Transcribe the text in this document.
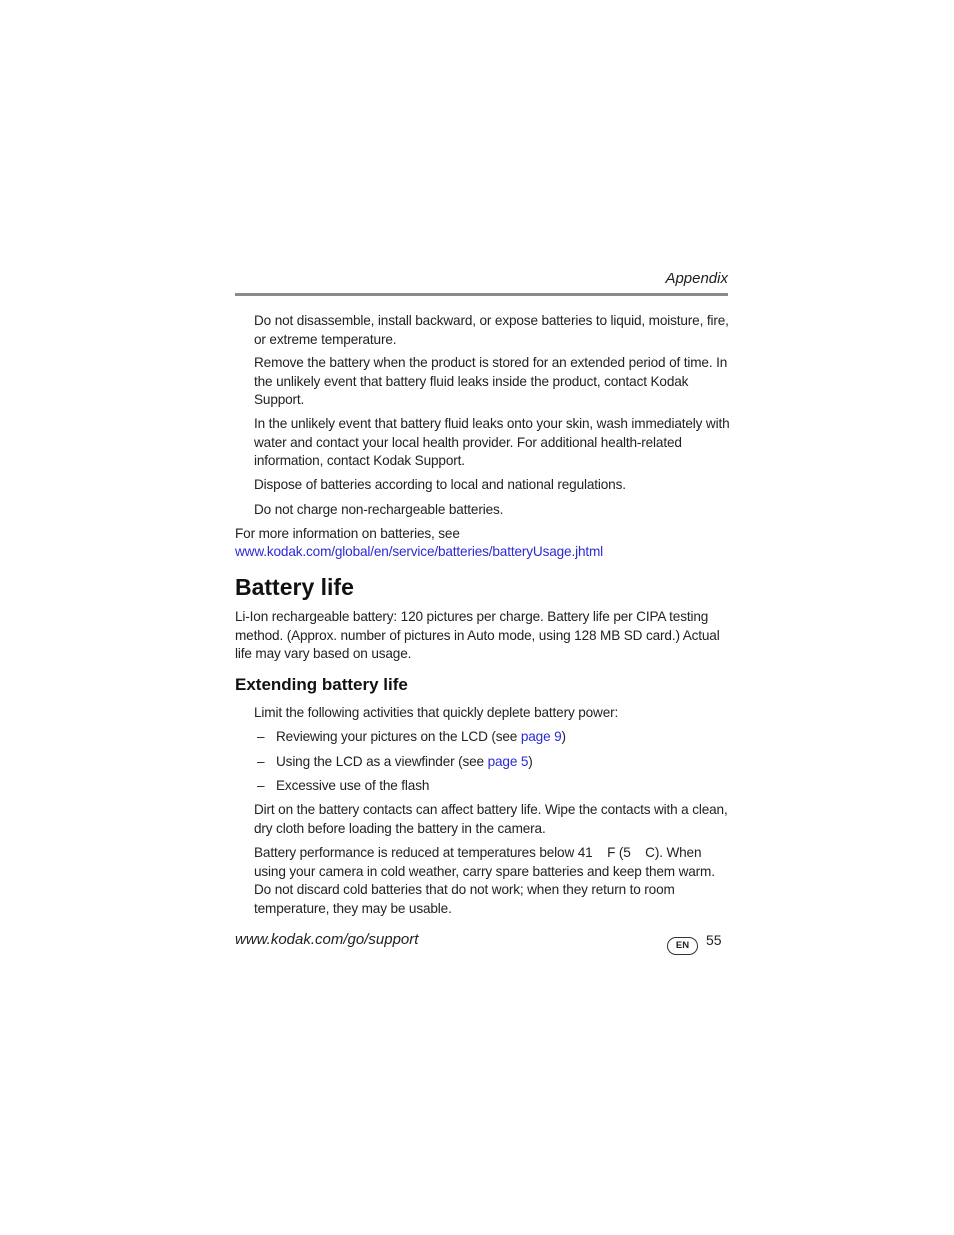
Appendix
Do not disassemble, install backward, or expose batteries to liquid, moisture, fire, or extreme temperature.
Remove the battery when the product is stored for an extended period of time. In the unlikely event that battery fluid leaks inside the product, contact Kodak Support.
In the unlikely event that battery fluid leaks onto your skin, wash immediately with water and contact your local health provider. For additional health-related information, contact Kodak Support.
Dispose of batteries according to local and national regulations.
Do not charge non-rechargeable batteries.
For more information on batteries, see
www.kodak.com/global/en/service/batteries/batteryUsage.jhtml
Battery life
Li-Ion rechargeable battery: 120 pictures per charge. Battery life per CIPA testing method. (Approx. number of pictures in Auto mode, using 128 MB SD card.) Actual life may vary based on usage.
Extending battery life
Limit the following activities that quickly deplete battery power:
– Reviewing your pictures on the LCD (see page 9)
– Using the LCD as a viewfinder (see page 5)
– Excessive use of the flash
Dirt on the battery contacts can affect battery life. Wipe the contacts with a clean, dry cloth before loading the battery in the camera.
Battery performance is reduced at temperatures below 41    F (5    C). When using your camera in cold weather, carry spare batteries and keep them warm. Do not discard cold batteries that do not work; when they return to room temperature, they may be usable.
www.kodak.com/go/support	EN	55
